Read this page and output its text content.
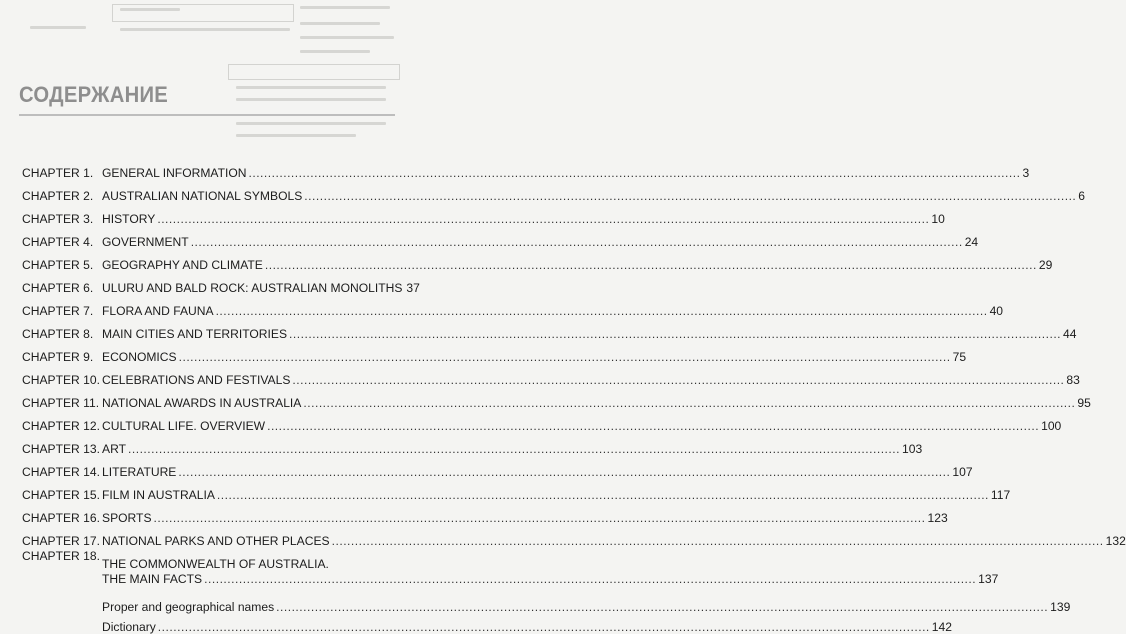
СОДЕРЖАНИЕ
CHAPTER 1. GENERAL INFORMATION ........................................................................................................................................................................................................ 3
CHAPTER 2. AUSTRALIAN NATIONAL SYMBOLS ........................................................................................................................................................................................................ 6
CHAPTER 3. HISTORY ........................................................................................................................................................................................................ 10
CHAPTER 4. GOVERNMENT ........................................................................................................................................................................................................ 24
CHAPTER 5. GEOGRAPHY AND CLIMATE ........................................................................................................................................................................................................ 29
CHAPTER 6. ULURU AND BALD ROCK: AUSTRALIAN MONOLITHS 37
CHAPTER 7. FLORA AND FAUNA ........................................................................................................................................................................................................ 40
CHAPTER 8. MAIN CITIES AND TERRITORIES ........................................................................................................................................................................................................ 44
CHAPTER 9. ECONOMICS ........................................................................................................................................................................................................ 75
CHAPTER 10. CELEBRATIONS AND FESTIVALS ........................................................................................................................................................................................................ 83
CHAPTER 11. NATIONAL AWARDS IN AUSTRALIA ........................................................................................................................................................................................................ 95
CHAPTER 12. CULTURAL LIFE. OVERVIEW ........................................................................................................................................................................................................ 100
CHAPTER 13. ART ........................................................................................................................................................................................................ 103
CHAPTER 14. LITERATURE ........................................................................................................................................................................................................ 107
CHAPTER 15. FILM IN AUSTRALIA ........................................................................................................................................................................................................ 117
CHAPTER 16. SPORTS ........................................................................................................................................................................................................ 123
CHAPTER 17. NATIONAL PARKS AND OTHER PLACES ........................................................................................................................................................................................................ 132
CHAPTER 18.
THE COMMONWEALTH OF AUSTRALIA.
THE MAIN FACTS ........................................................................................................................................................................................................ 137
Proper and geographical names ........................................................................................................................................................................................................ 139
Dictionary ........................................................................................................................................................................................................ 142
